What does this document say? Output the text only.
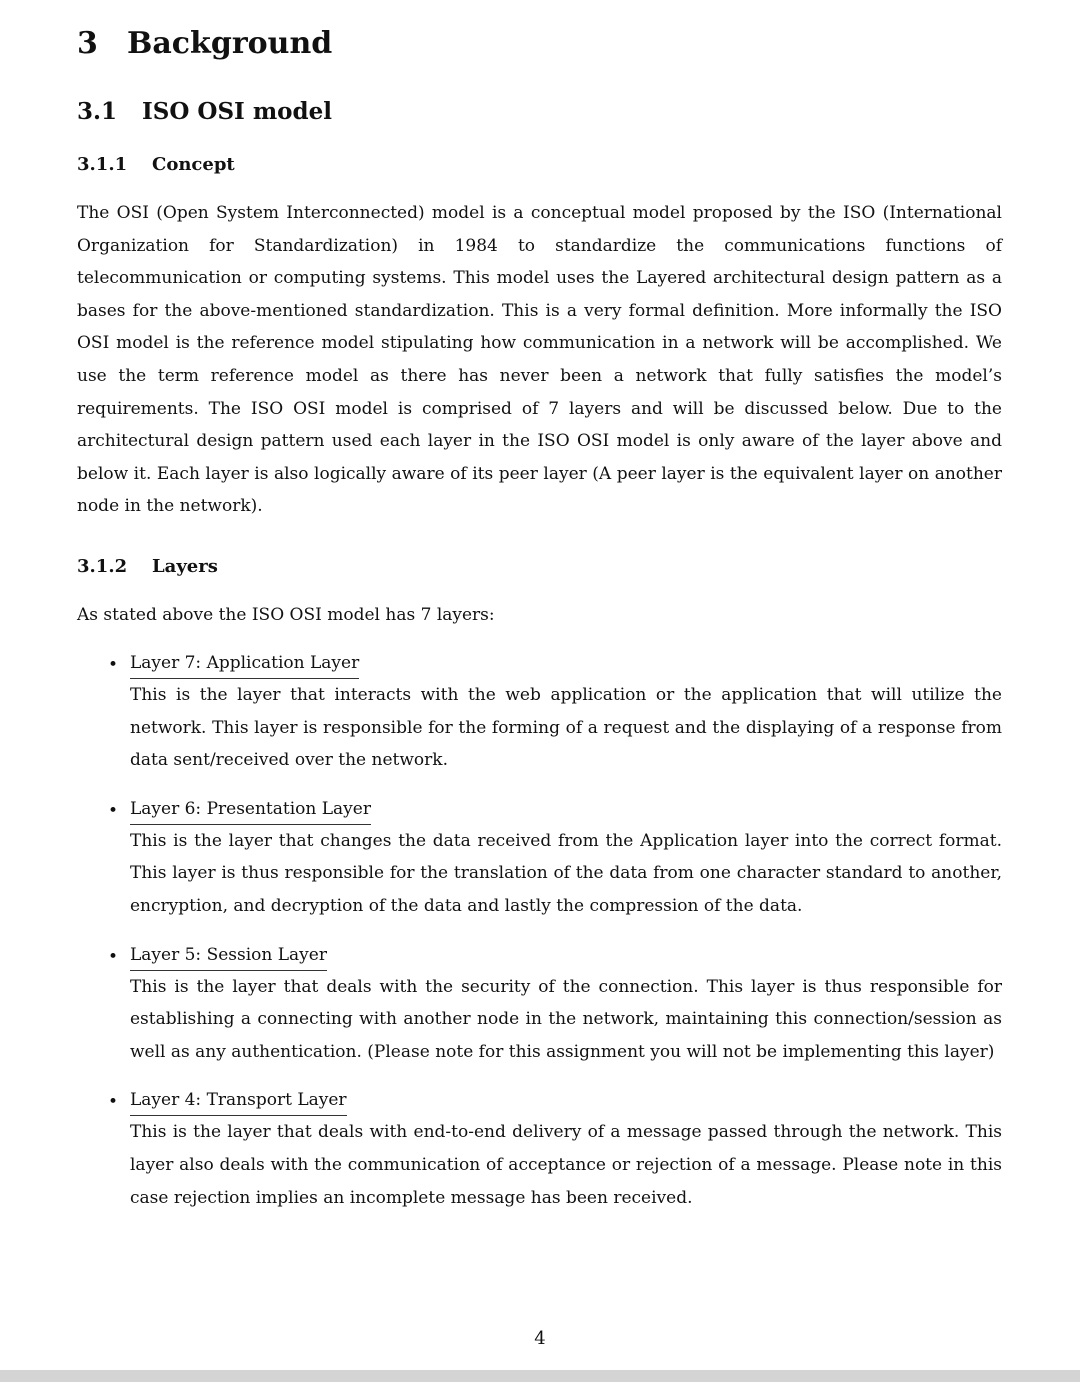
3 Background
3.1 ISO OSI model
3.1.1 Concept

The OSI (Open System Interconnected) model is a conceptual model proposed by the ISO (International Organization for Standardization) in 1984 to standardize the communications functions of telecommunication or computing systems. This model uses the Layered architectural design pattern as a bases for the above-mentioned standardization. This is a very formal definition. More informally the ISO OSI model is the reference model stipulating how communication in a network will be accomplished. We use the term reference model as there has never been a network that fully satisfies the model’s requirements. The ISO OSI model is comprised of 7 layers and will be discussed below. Due to the architectural design pattern used each layer in the ISO OSI model is only aware of the layer above and below it. Each layer is also logically aware of its peer layer (A peer layer is the equivalent layer on another node in the network).

3.1.2 Layers

As stated above the ISO OSI model has 7 layers:

• Layer 7: Application Layer
This is the layer that interacts with the web application or the application that will utilize the network. This layer is responsible for the forming of a request and the displaying of a response from data sent/received over the network.
• Layer 6: Presentation Layer
This is the layer that changes the data received from the Application layer into the correct format. This layer is thus responsible for the translation of the data from one character standard to another, encryption, and decryption of the data and lastly the compression of the data.
• Layer 5: Session Layer
This is the layer that deals with the security of the connection. This layer is thus responsible for establishing a connecting with another node in the network, maintaining this connection/session as well as any authentication. (Please note for this assignment you will not be implementing this layer)
• Layer 4: Transport Layer
This is the layer that deals with end-to-end delivery of a message passed through the network. This layer also deals with the communication of acceptance or rejection of a message. Please note in this case rejection implies an incomplete message has been received.
4
